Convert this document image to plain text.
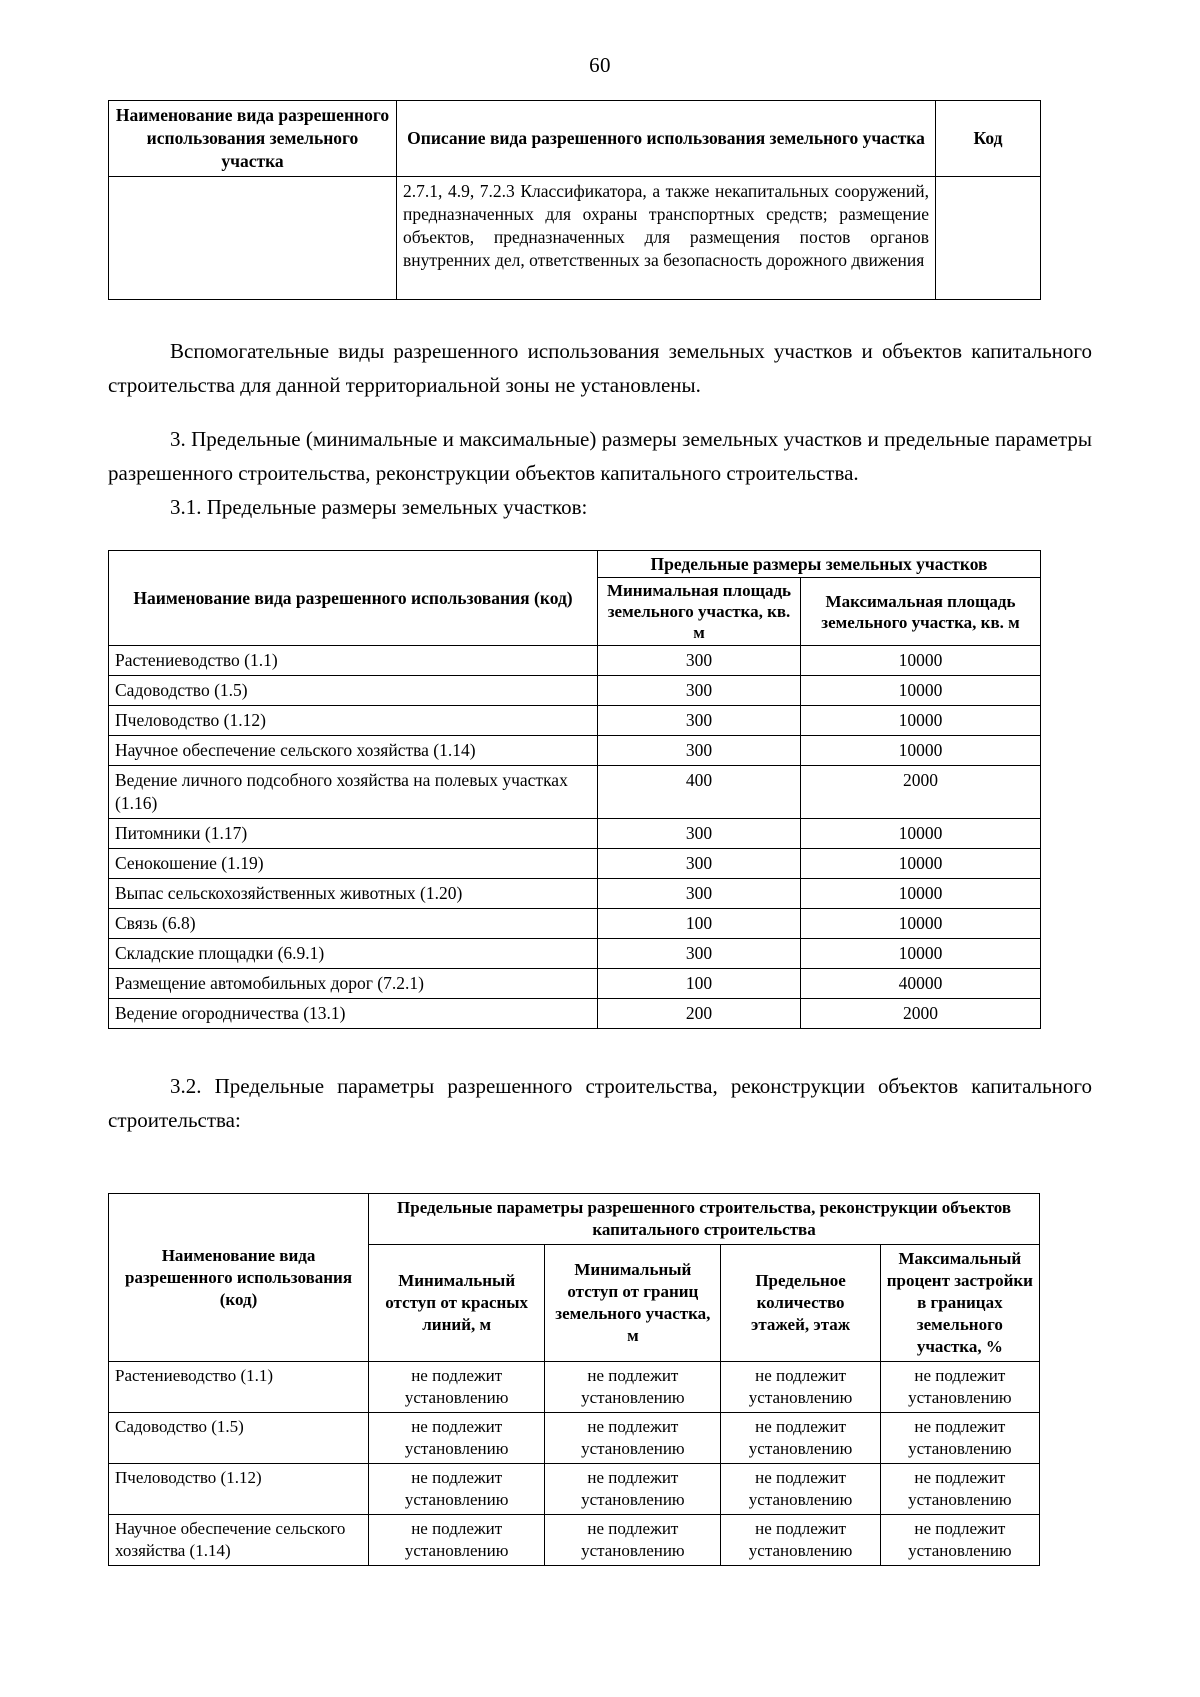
60
Наименование вида разрешенного использования земельного участка	Описание вида разрешенного использования земельного участка	Код
	2.7.1, 4.9, 7.2.3 Классификатора, а также некапитальных сооружений, предназначенных для охраны транспортных средств; размещение объектов, предназначенных для размещения постов органов внутренних дел, ответственных за безопасность дорожного движения	

Вспомогательные виды разрешенного использования земельных участков и объектов капитального строительства для данной территориальной зоны не установлены.

3. Предельные (минимальные и максимальные) размеры земельных участков и предельные параметры разрешенного строительства, реконструкции объектов капитального строительства.

3.1. Предельные размеры земельных участков:

Наименование вида разрешенного использования (код)	Предельные размеры земельных участков	
	Минимальная площадь земельного участка, кв. м	Максимальная площадь земельного участка, кв. м
Растениеводство (1.1)	300	10000
Садоводство (1.5)	300	10000
Пчеловодство (1.12)	300	10000
Научное обеспечение сельского хозяйства (1.14)	300	10000
Ведение личного подсобного хозяйства на полевых участках (1.16)	400	2000
Питомники (1.17)	300	10000
Сенокошение (1.19)	300	10000
Выпас сельскохозяйственных животных (1.20)	300	10000
Связь (6.8)	100	10000
Складские площадки (6.9.1)	300	10000
Размещение автомобильных дорог (7.2.1)	100	40000
Ведение огородничества (13.1)	200	2000

3.2. Предельные параметры разрешенного строительства, реконструкции объектов капитального строительства:

Наименование вида разрешенного использования (код)	Предельные параметры разрешенного строительства, реконструкции объектов капитального строительства			
	Минимальный отступ от красных линий, м	Минимальный отступ от границ земельного участка, м	Предельное количество этажей, этаж	Максимальный процент застройки в границах земельного участка, %
Растениеводство (1.1)	не подлежит установлению	не подлежит установлению	не подлежит установлению	не подлежит установлению
Садоводство (1.5)	не подлежит установлению	не подлежит установлению	не подлежит установлению	не подлежит установлению
Пчеловодство (1.12)	не подлежит установлению	не подлежит установлению	не подлежит установлению	не подлежит установлению
Научное обеспечение сельского хозяйства (1.14)	не подлежит установлению	не подлежит установлению	не подлежит установлению	не подлежит установлению
